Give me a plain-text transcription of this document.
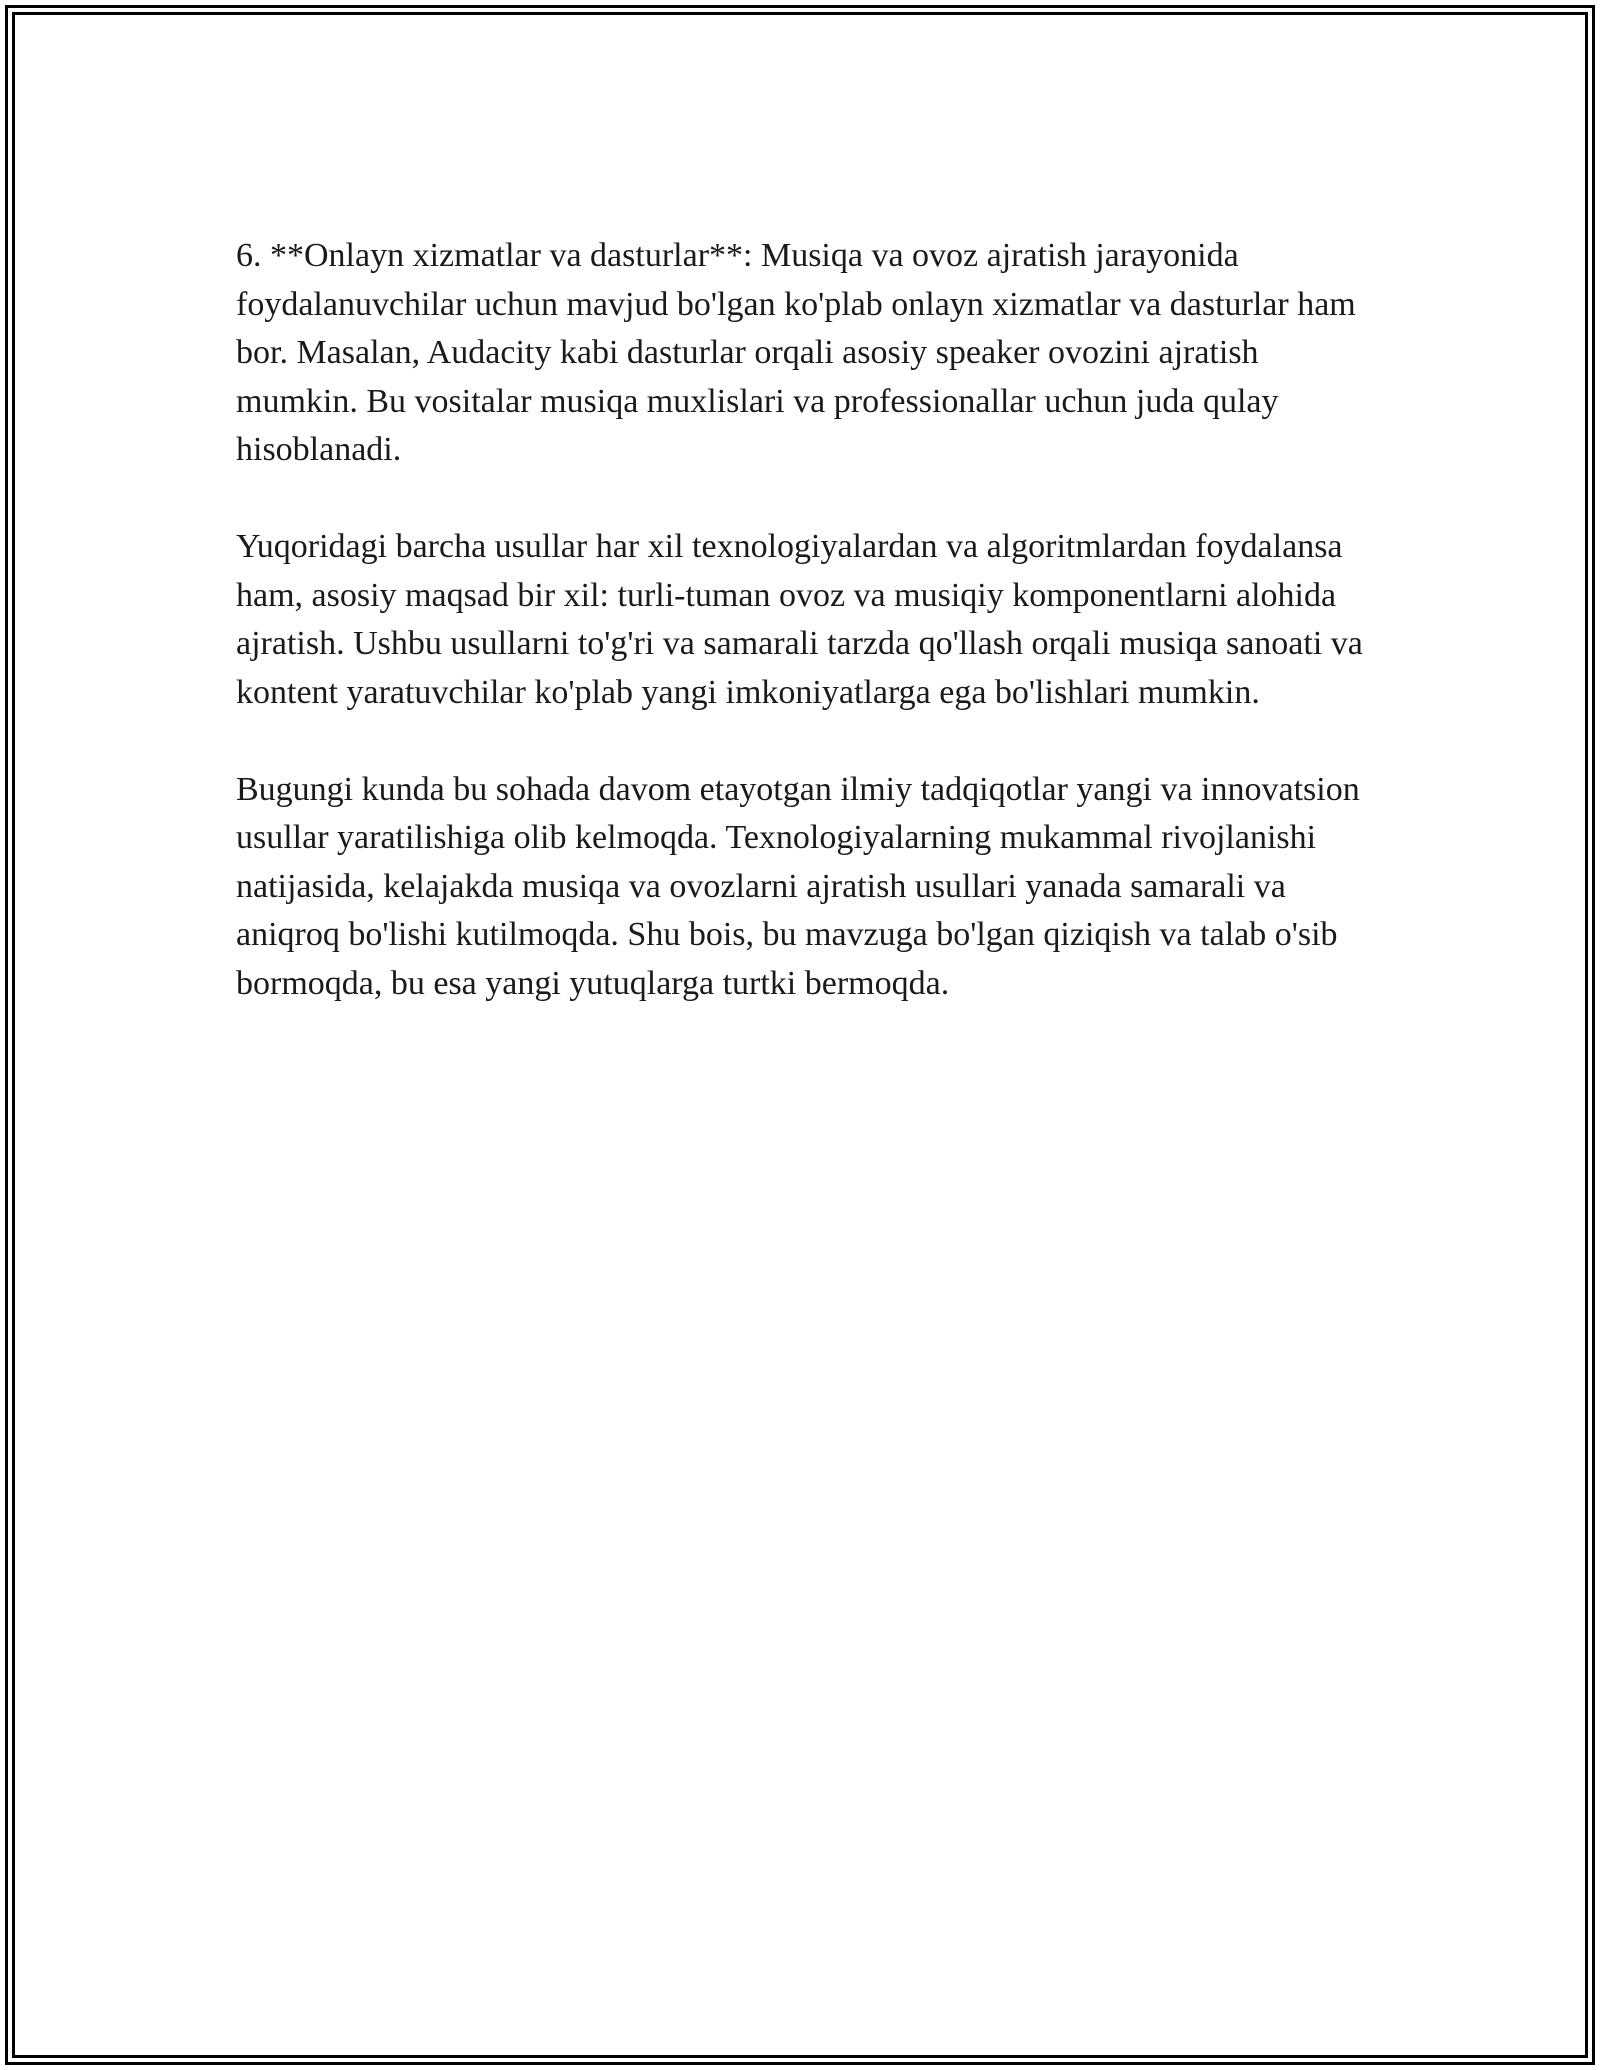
6. **Onlayn xizmatlar va dasturlar**: Musiqa va ovoz ajratish jarayonida foydalanuvchilar uchun mavjud bo'lgan ko'plab onlayn xizmatlar va dasturlar ham bor. Masalan, Audacity kabi dasturlar orqali asosiy speaker ovozini ajratish mumkin. Bu vositalar musiqa muxlislari va professionallar uchun juda qulay hisoblanadi.

Yuqoridagi barcha usullar har xil texnologiyalardan va algoritmlardan foydalansa ham, asosiy maqsad bir xil: turli-tuman ovoz va musiqiy komponentlarni alohida ajratish. Ushbu usullarni to'g'ri va samarali tarzda qo'llash orqali musiqa sanoati va kontent yaratuvchilar ko'plab yangi imkoniyatlarga ega bo'lishlari mumkin.

Bugungi kunda bu sohada davom etayotgan ilmiy tadqiqotlar yangi va innovatsion usullar yaratilishiga olib kelmoqda. Texnologiyalarning mukammal rivojlanishi natijasida, kelajakda musiqa va ovozlarni ajratish usullari yanada samarali va aniqroq bo'lishi kutilmoqda. Shu bois, bu mavzuga bo'lgan qiziqish va talab o'sib bormoqda, bu esa yangi yutuqlarga turtki bermoqda.
